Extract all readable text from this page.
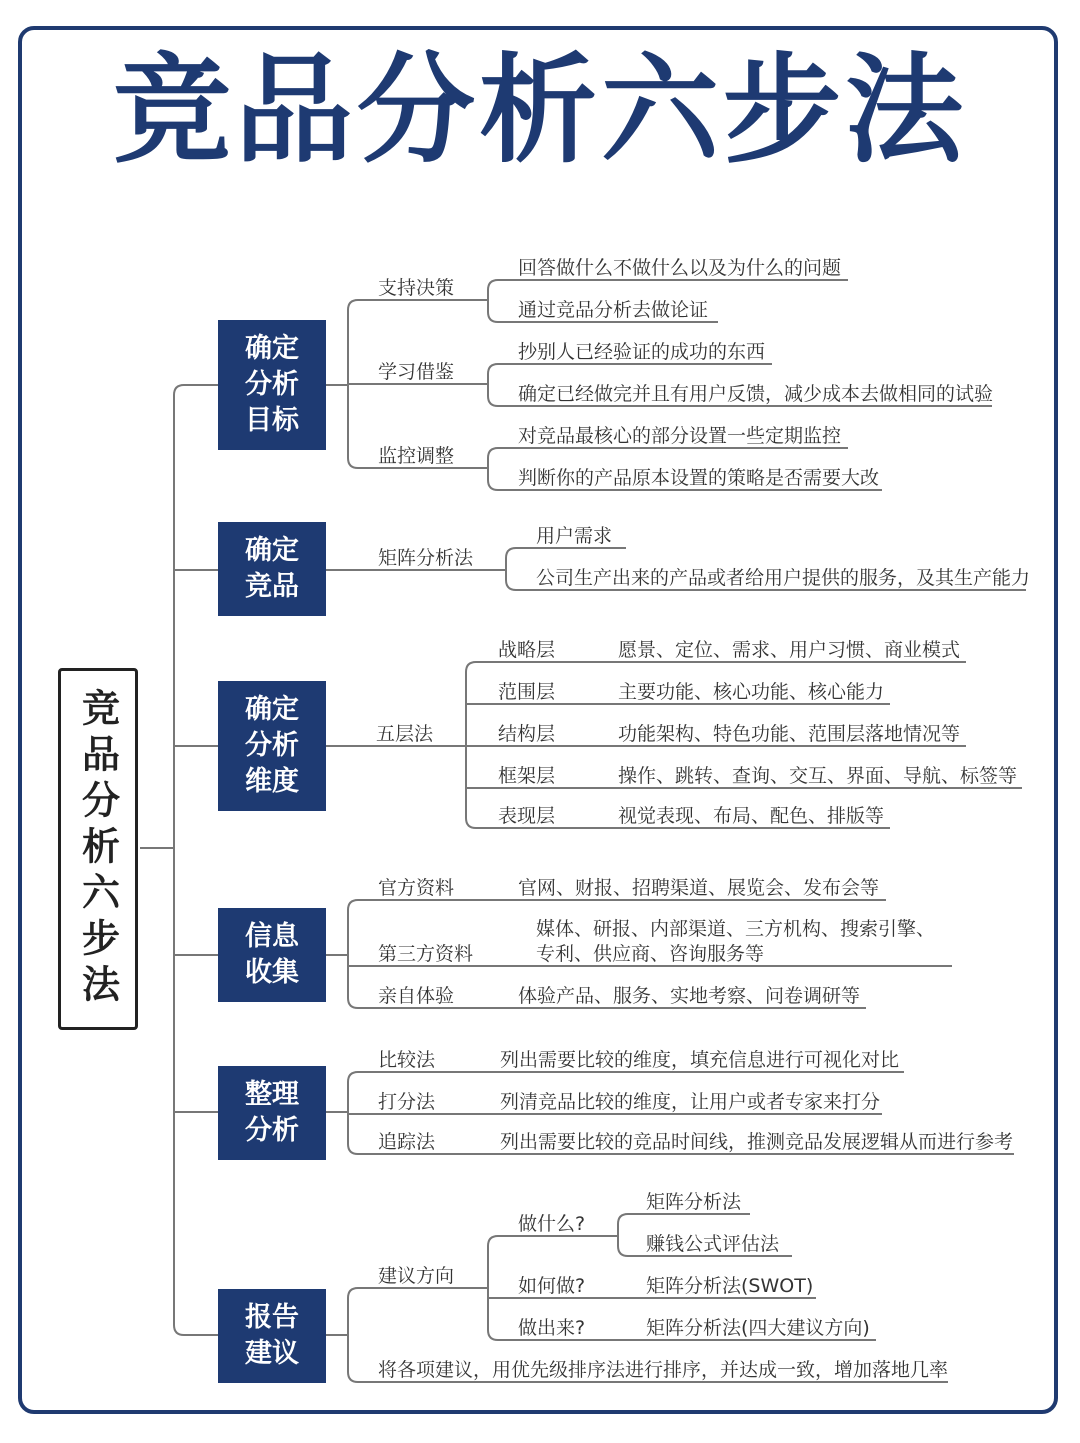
竞品分析六步法
竞品分析六步法
确定分析目标
确定竞品
确定分析维度
信息收集
整理分析
报告建议
支持决策
回答做什么不做什么以及为什么的问题
通过竞品分析去做论证
学习借鉴
抄别人已经验证的成功的东西
确定已经做完并且有用户反馈，减少成本去做相同的试验
监控调整
对竞品最核心的部分设置一些定期监控
判断你的产品原本设置的策略是否需要大改
矩阵分析法
用户需求
公司生产出来的产品或者给用户提供的服务，及其生产能力
五层法
战略层	愿景、定位、需求、用户习惯、商业模式
范围层	主要功能、核心功能、核心能力
结构层	功能架构、特色功能、范围层落地情况等
框架层	操作、跳转、查询、交互、界面、导航、标签等
表现层	视觉表现、布局、配色、排版等
官方资料	官网、财报、招聘渠道、展览会、发布会等
第三方资料
媒体、研报、内部渠道、三方机构、搜索引擎、
专利、供应商、咨询服务等
亲自体验	体验产品、服务、实地考察、问卷调研等
比较法	列出需要比较的维度，填充信息进行可视化对比
打分法	列清竞品比较的维度，让用户或者专家来打分
追踪法	列出需要比较的竞品时间线，推测竞品发展逻辑从而进行参考
建议方向
做什么?
矩阵分析法
赚钱公式评估法
如何做?	矩阵分析法(SWOT)
做出来?	矩阵分析法(四大建议方向)
将各项建议，用优先级排序法进行排序，并达成一致，增加落地几率
